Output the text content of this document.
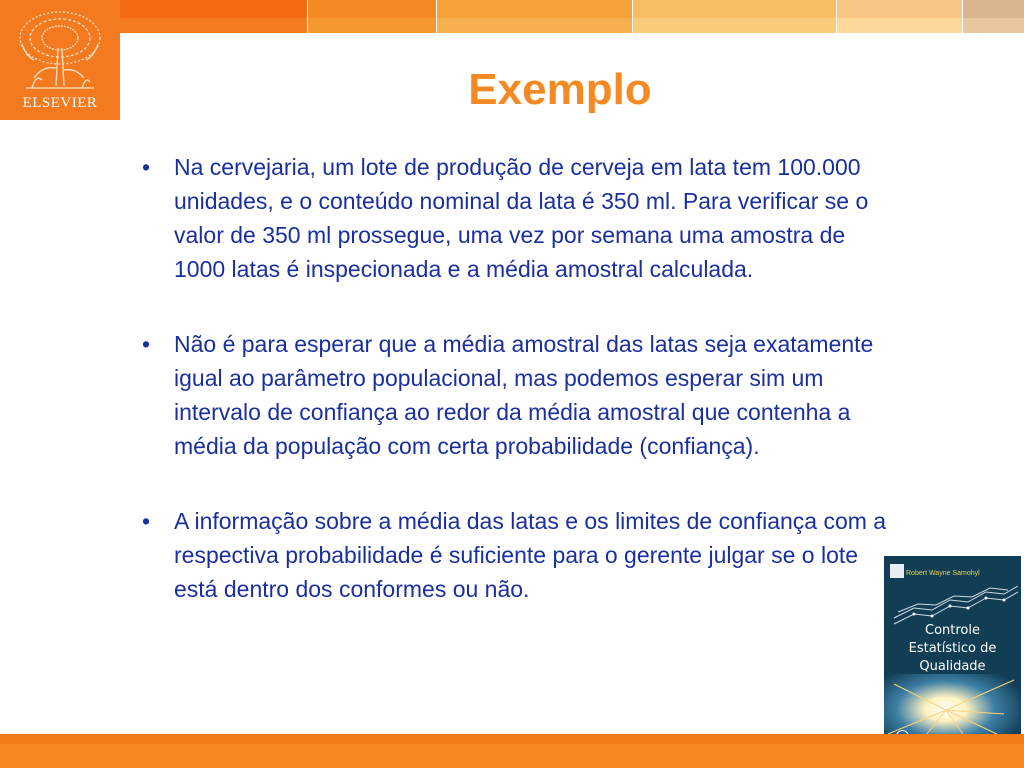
ELSEVIER	Exemplo
• Na cervejaria, um lote de produção de cerveja em lata tem 100.000 unidades, e o conteúdo nominal da lata é 350 ml. Para verificar se o valor de 350 ml prossegue, uma vez por semana uma amostra de 1000 latas é inspecionada e a média amostral calculada.
• Não é para esperar que a média amostral das latas seja exatamente igual ao parâmetro populacional, mas podemos esperar sim um intervalo de confiança ao redor da média amostral que contenha a média da população com certa probabilidade (confiança).
• A informação sobre a média das latas e os limites de confiança com a respectiva probabilidade é suficiente para o gerente julgar se o lote está dentro dos conformes ou não.
Robert Wayne Samohyl
Controle
Estatístico de
Qualidade
